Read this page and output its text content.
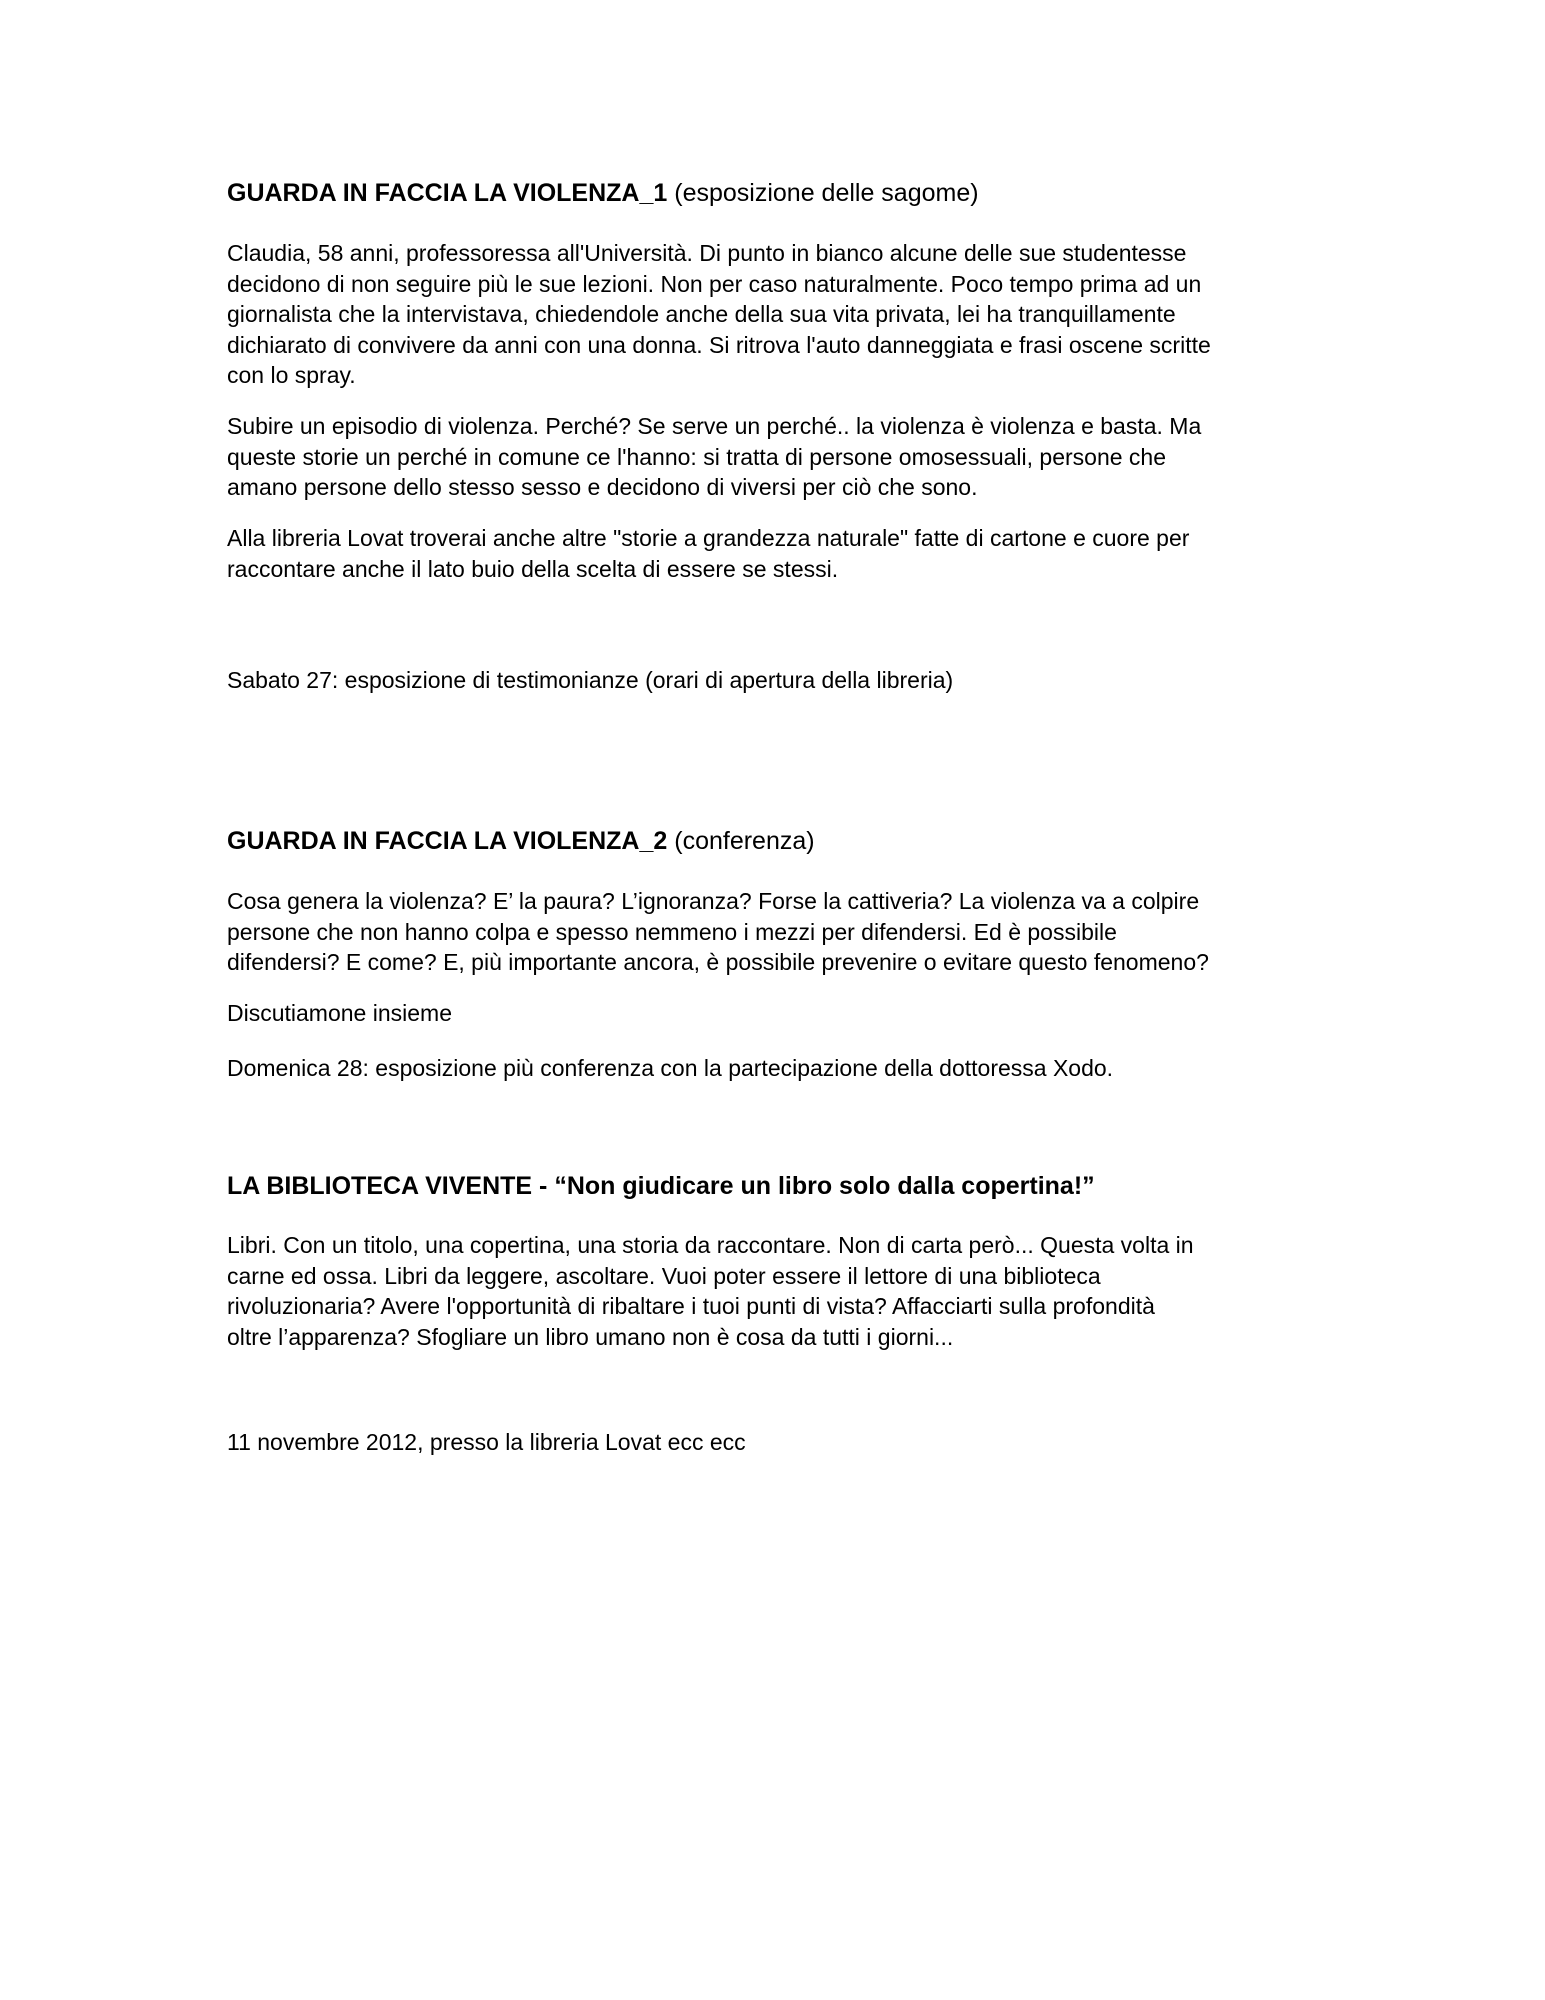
GUARDA IN FACCIA LA VIOLENZA_1 (esposizione delle sagome)

Claudia, 58 anni, professoressa all'Università. Di punto in bianco alcune delle sue studentesse
decidono di non seguire più le sue lezioni. Non per caso naturalmente. Poco tempo prima ad un
giornalista che la intervistava, chiedendole anche della sua vita privata, lei ha tranquillamente
dichiarato di convivere da anni con una donna. Si ritrova l'auto danneggiata e frasi oscene scritte
con lo spray.

Subire un episodio di violenza. Perché? Se serve un perché.. la violenza è violenza e basta. Ma
queste storie un perché in comune ce l'hanno: si tratta di persone omosessuali, persone che
amano persone dello stesso sesso e decidono di viversi per ciò che sono.

Alla libreria Lovat troverai anche altre "storie a grandezza naturale" fatte di cartone e cuore per
raccontare anche il lato buio della scelta di essere se stessi.

Sabato 27: esposizione di testimonianze (orari di apertura della libreria)

GUARDA IN FACCIA LA VIOLENZA_2 (conferenza)

Cosa genera la violenza? E’ la paura? L’ignoranza? Forse la cattiveria? La violenza va a colpire
persone che non hanno colpa e spesso nemmeno i mezzi per difendersi. Ed è possibile
difendersi? E come? E, più importante ancora, è possibile prevenire o evitare questo fenomeno?

Discutiamone insieme

Domenica 28: esposizione più conferenza con la partecipazione della dottoressa Xodo.

LA BIBLIOTECA VIVENTE - “Non giudicare un libro solo dalla copertina!”

Libri. Con un titolo, una copertina, una storia da raccontare. Non di carta però... Questa volta in
carne ed ossa. Libri da leggere, ascoltare. Vuoi poter essere il lettore di una biblioteca
rivoluzionaria? Avere l'opportunità di ribaltare i tuoi punti di vista? Affacciarti sulla profondità
oltre l’apparenza? Sfogliare un libro umano non è cosa da tutti i giorni...

11 novembre 2012, presso la libreria Lovat ecc ecc
